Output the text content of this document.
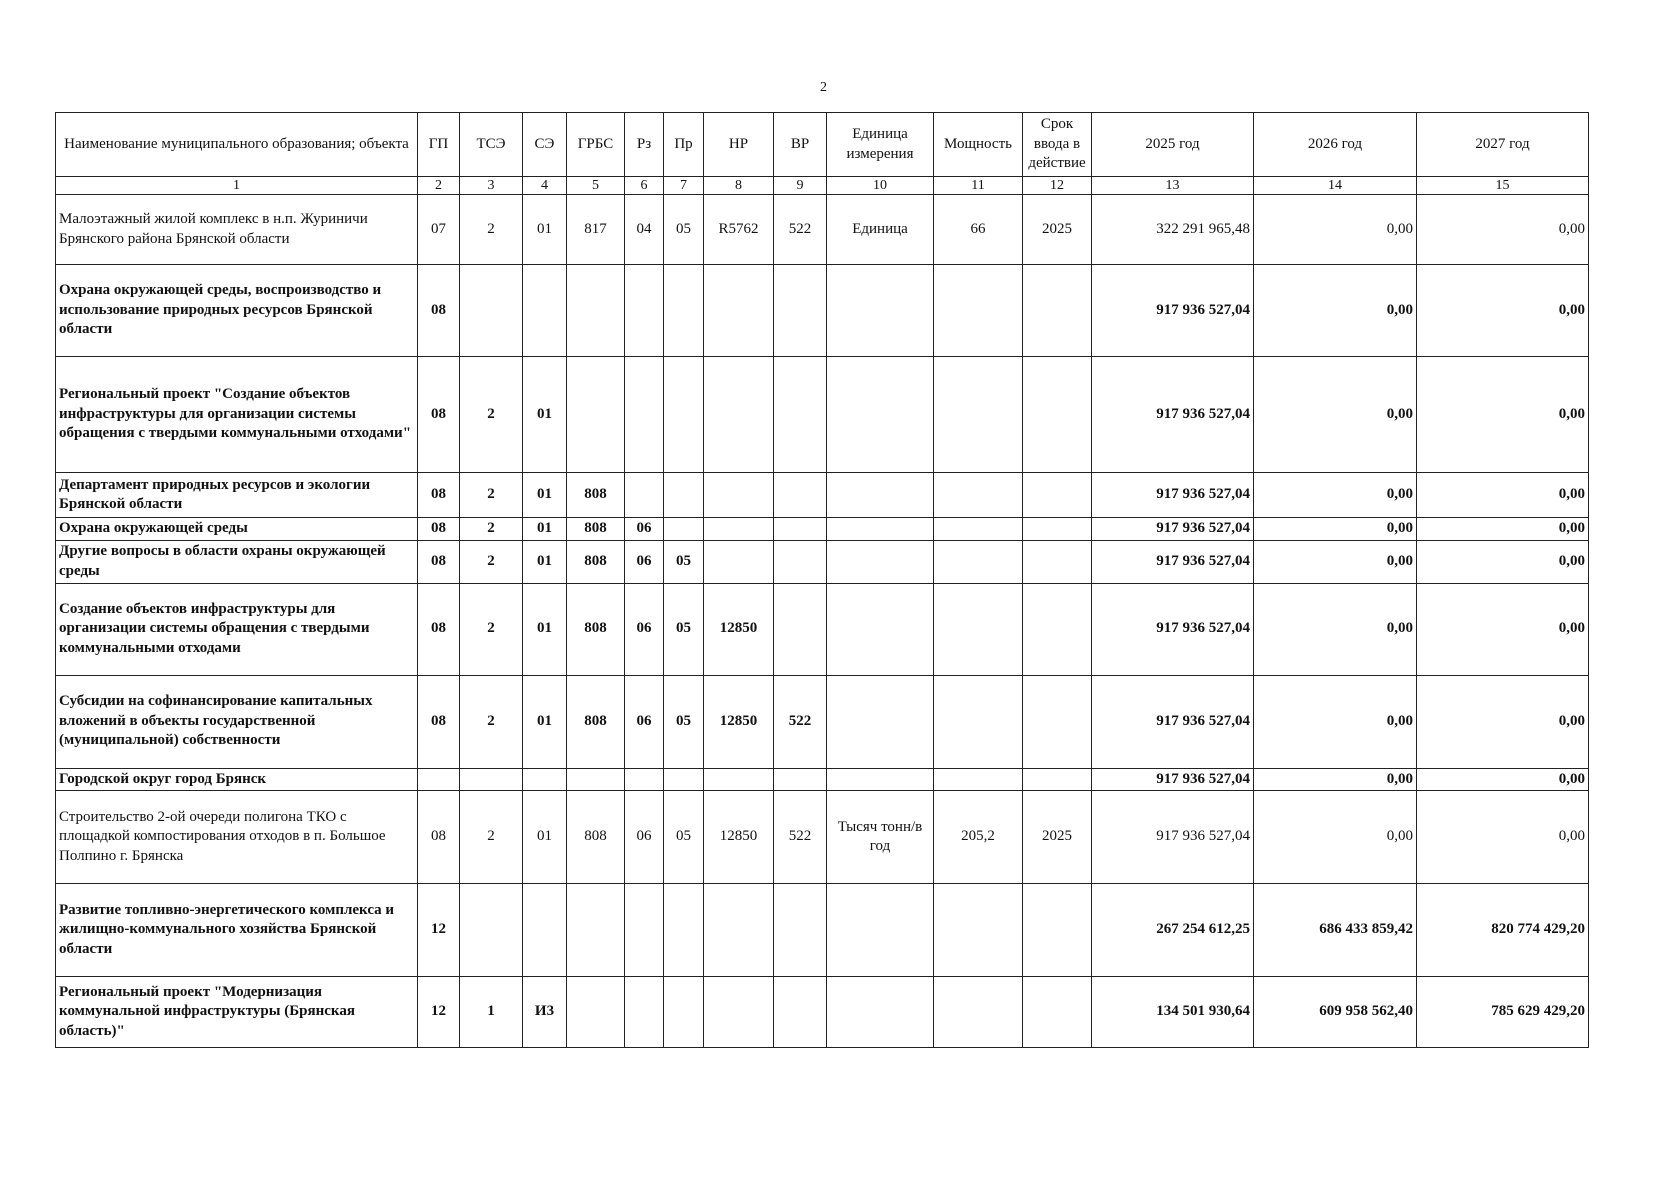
2
Наименование муниципального образования; объекта	ГП	ТСЭ	СЭ	ГРБС	Рз	Пр	НР	ВР	Единица измерения	Мощность	Срок ввода в действие	2025 год	2026 год	2027 год
1	2	3	4	5	6	7	8	9	10	11	12	13	14	15
Малоэтажный жилой комплекс в н.п. Журиничи Брянского района Брянской области	07	2	01	817	04	05	R5762	522	Единица	66	2025	322 291 965,48	0,00	0,00
Охрана окружающей среды, воспроизводство и использование природных ресурсов Брянской области	08											917 936 527,04	0,00	0,00
Региональный проект "Создание объектов инфраструктуры для организации системы обращения с твердыми коммунальными отходами"	08	2	01									917 936 527,04	0,00	0,00
Департамент природных ресурсов и экологии Брянской области	08	2	01	808								917 936 527,04	0,00	0,00
Охрана окружающей среды	08	2	01	808	06							917 936 527,04	0,00	0,00
Другие вопросы в области охраны окружающей среды	08	2	01	808	06	05						917 936 527,04	0,00	0,00
Создание объектов инфраструктуры для организации системы обращения с твердыми коммунальными отходами	08	2	01	808	06	05	12850					917 936 527,04	0,00	0,00
Субсидии на софинансирование капитальных вложений в объекты государственной (муниципальной) собственности	08	2	01	808	06	05	12850	522				917 936 527,04	0,00	0,00
Городской округ город Брянск												917 936 527,04	0,00	0,00
Строительство 2-ой очереди полигона ТКО с площадкой компостирования отходов в п. Большое Полпино г. Брянска	08	2	01	808	06	05	12850	522	Тысяч тонн/в год	205,2	2025	917 936 527,04	0,00	0,00
Развитие топливно-энергетического комплекса и жилищно-коммунального хозяйства Брянской области	12											267 254 612,25	686 433 859,42	820 774 429,20
Региональный проект "Модернизация коммунальной инфраструктуры (Брянская область)"	12	1	И3									134 501 930,64	609 958 562,40	785 629 429,20
